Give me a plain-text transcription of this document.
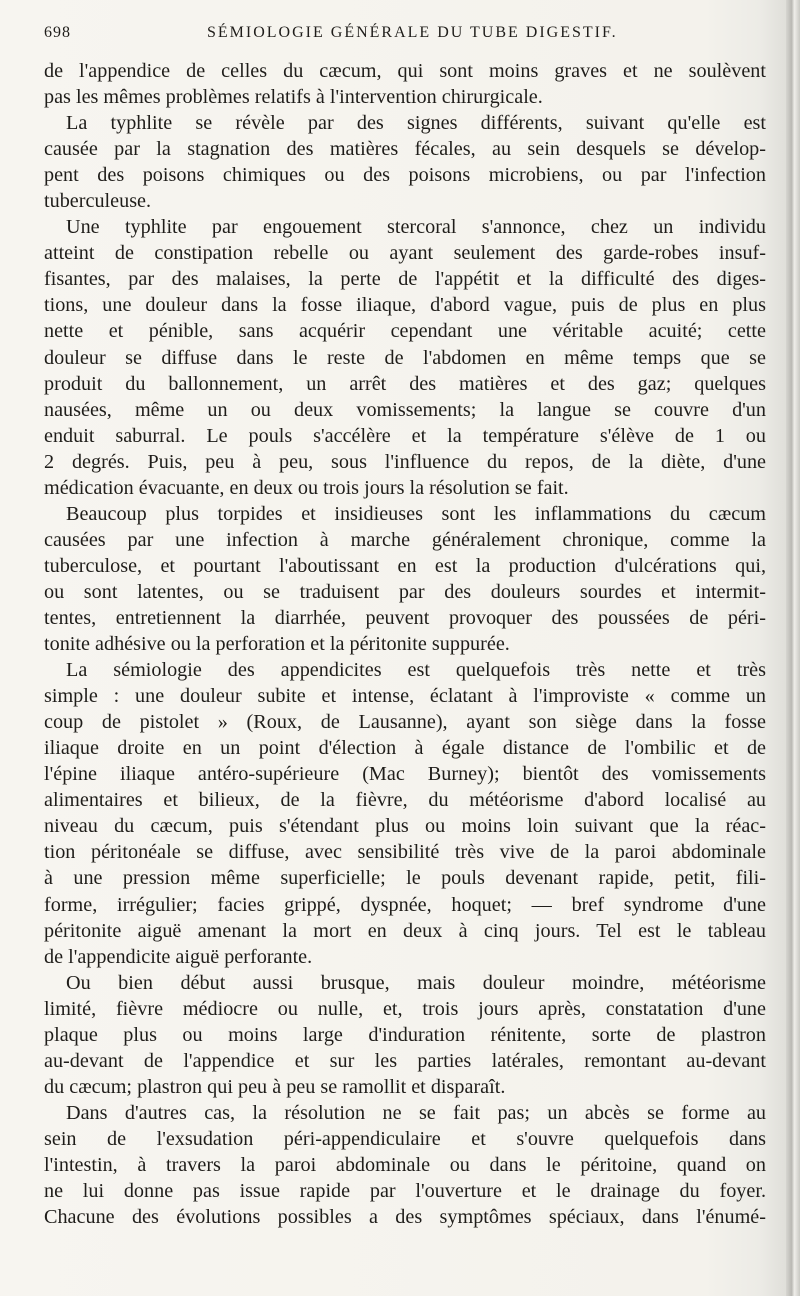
698	SÉMIOLOGIE GÉNÉRALE DU TUBE DIGESTIF.
de l'appendice de celles du cæcum, qui sont moins graves et ne soulèvent
pas les mêmes problèmes relatifs à l'intervention chirurgicale.
La typhlite se révèle par des signes différents, suivant qu'elle est
causée par la stagnation des matières fécales, au sein desquels se dévelop-
pent des poisons chimiques ou des poisons microbiens, ou par l'infection
tuberculeuse.
Une typhlite par engouement stercoral s'annonce, chez un individu
atteint de constipation rebelle ou ayant seulement des garde-robes insuf-
fisantes, par des malaises, la perte de l'appétit et la difficulté des diges-
tions, une douleur dans la fosse iliaque, d'abord vague, puis de plus en plus
nette et pénible, sans acquérir cependant une véritable acuité; cette
douleur se diffuse dans le reste de l'abdomen en même temps que se
produit du ballonnement, un arrêt des matières et des gaz; quelques
nausées, même un ou deux vomissements; la langue se couvre d'un
enduit saburral. Le pouls s'accélère et la température s'élève de 1 ou
2 degrés. Puis, peu à peu, sous l'influence du repos, de la diète, d'une
médication évacuante, en deux ou trois jours la résolution se fait.
Beaucoup plus torpides et insidieuses sont les inflammations du cæcum
causées par une infection à marche généralement chronique, comme la
tuberculose, et pourtant l'aboutissant en est la production d'ulcérations qui,
ou sont latentes, ou se traduisent par des douleurs sourdes et intermit-
tentes, entretiennent la diarrhée, peuvent provoquer des poussées de péri-
tonite adhésive ou la perforation et la péritonite suppurée.
La sémiologie des appendicites est quelquefois très nette et très
simple : une douleur subite et intense, éclatant à l'improviste « comme un
coup de pistolet » (Roux, de Lausanne), ayant son siège dans la fosse
iliaque droite en un point d'élection à égale distance de l'ombilic et de
l'épine iliaque antéro-supérieure (Mac Burney); bientôt des vomissements
alimentaires et bilieux, de la fièvre, du météorisme d'abord localisé au
niveau du cæcum, puis s'étendant plus ou moins loin suivant que la réac-
tion péritonéale se diffuse, avec sensibilité très vive de la paroi abdominale
à une pression même superficielle; le pouls devenant rapide, petit, fili-
forme, irrégulier; facies grippé, dyspnée, hoquet; — bref syndrome d'une
péritonite aiguë amenant la mort en deux à cinq jours. Tel est le tableau
de l'appendicite aiguë perforante.
Ou bien début aussi brusque, mais douleur moindre, météorisme
limité, fièvre médiocre ou nulle, et, trois jours après, constatation d'une
plaque plus ou moins large d'induration rénitente, sorte de plastron
au-devant de l'appendice et sur les parties latérales, remontant au-devant
du cæcum; plastron qui peu à peu se ramollit et disparaît.
Dans d'autres cas, la résolution ne se fait pas; un abcès se forme au
sein de l'exsudation péri-appendiculaire et s'ouvre quelquefois dans
l'intestin, à travers la paroi abdominale ou dans le péritoine, quand on
ne lui donne pas issue rapide par l'ouverture et le drainage du foyer.
Chacune des évolutions possibles a des symptômes spéciaux, dans l'énumé-
